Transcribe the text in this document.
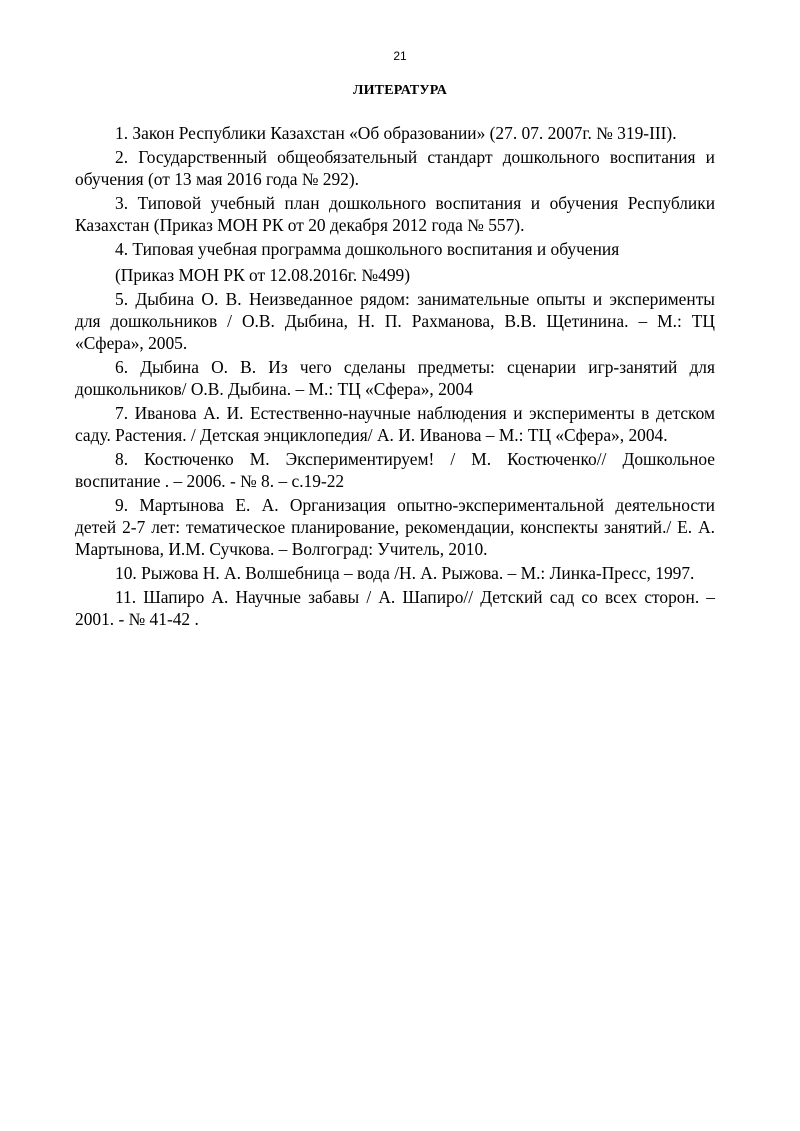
21
ЛИТЕРАТУРА

1. Закон Республики Казахстан «Об образовании» (27. 07. 2007г. № 319-III).

2. Государственный общеобязательный стандарт дошкольного воспитания и обучения (от 13 мая 2016 года № 292).

3. Типовой учебный план дошкольного воспитания и обучения Республики Казахстан (Приказ МОН РК от 20 декабря 2012 года № 557).

4. Типовая учебная программа дошкольного воспитания и обучения
(Приказ МОН РК от 12.08.2016г. №499)

5. Дыбина О. В. Неизведанное рядом: занимательные опыты и эксперименты для дошкольников / О.В. Дыбина, Н. П. Рахманова, В.В. Щетинина. – М.: ТЦ «Сфера», 2005.

6. Дыбина О. В. Из чего сделаны предметы: сценарии игр-занятий для дошкольников/ О.В. Дыбина. – М.: ТЦ «Сфера», 2004

7. Иванова А. И. Естественно-научные наблюдения и эксперименты в детском саду. Растения. / Детская энциклопедия/ А. И. Иванова – М.: ТЦ «Сфера», 2004.

8. Костюченко М. Экспериментируем! / М. Костюченко// Дошкольное воспитание . – 2006. - № 8. – с.19-22

9. Мартынова Е. А. Организация опытно-экспериментальной деятельности детей 2-7 лет: тематическое планирование, рекомендации, конспекты занятий./ Е. А. Мартынова, И.М. Сучкова. – Волгоград: Учитель, 2010.

10. Рыжова Н. А. Волшебница – вода /Н. А. Рыжова. – М.: Линка-Пресс, 1997.

11. Шапиро А. Научные забавы / А. Шапиро// Детский сад со всех сторон. – 2001. - № 41-42 .
